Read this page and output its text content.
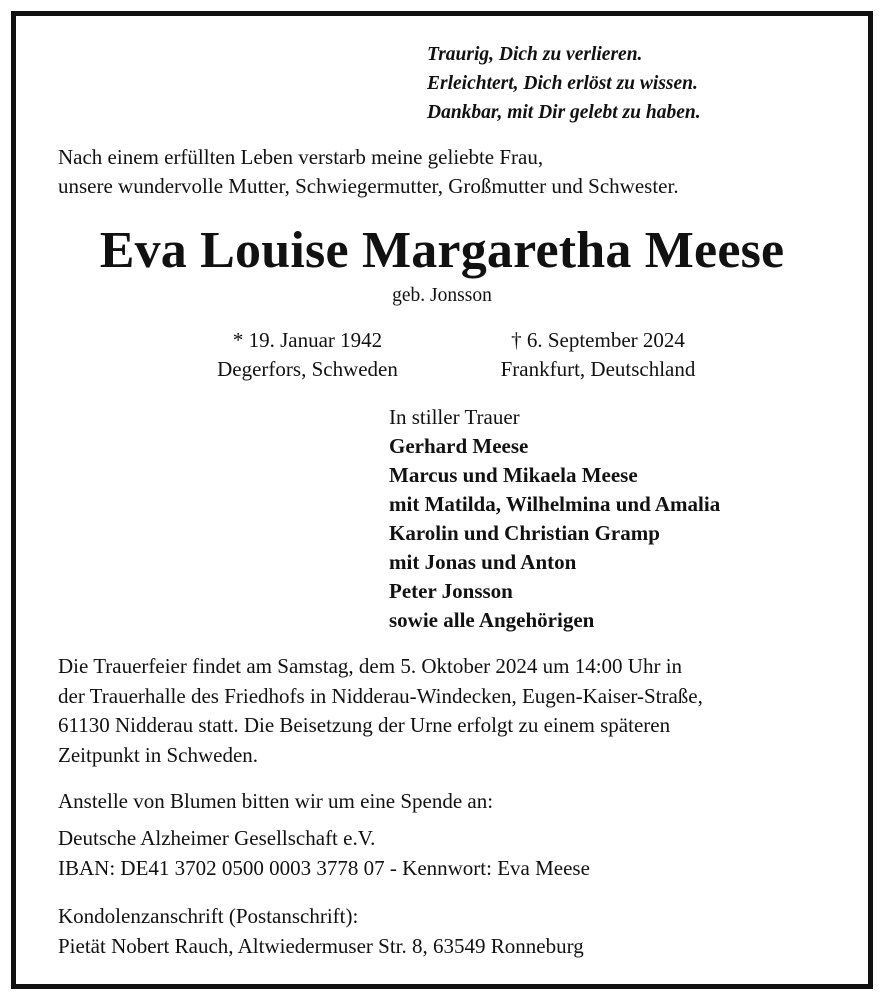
Traurig, Dich zu verlieren.
Erleichtert, Dich erlöst zu wissen.
Dankbar, mit Dir gelebt zu haben.
Nach einem erfüllten Leben verstarb meine geliebte Frau,
unsere wundervolle Mutter, Schwiegermutter, Großmutter und Schwester.
Eva Louise Margaretha Meese
geb. Jonsson
* 19. Januar 1942
Degerfors, Schweden
† 6. September 2024
Frankfurt, Deutschland
In stiller Trauer
Gerhard Meese
Marcus und Mikaela Meese
mit Matilda, Wilhelmina und Amalia
Karolin und Christian Gramp
mit Jonas und Anton
Peter Jonsson
sowie alle Angehörigen
Die Trauerfeier findet am Samstag, dem 5. Oktober 2024 um 14:00 Uhr in
der Trauerhalle des Friedhofs in Nidderau-Windecken, Eugen-Kaiser-Straße,
61130 Nidderau statt. Die Beisetzung der Urne erfolgt zu einem späteren
Zeitpunkt in Schweden.
Anstelle von Blumen bitten wir um eine Spende an:
Deutsche Alzheimer Gesellschaft e.V.
IBAN: DE41 3702 0500 0003 3778 07 - Kennwort: Eva Meese
Kondolenzanschrift (Postanschrift):
Pietät Nobert Rauch, Altwiedermuser Str. 8, 63549 Ronneburg
